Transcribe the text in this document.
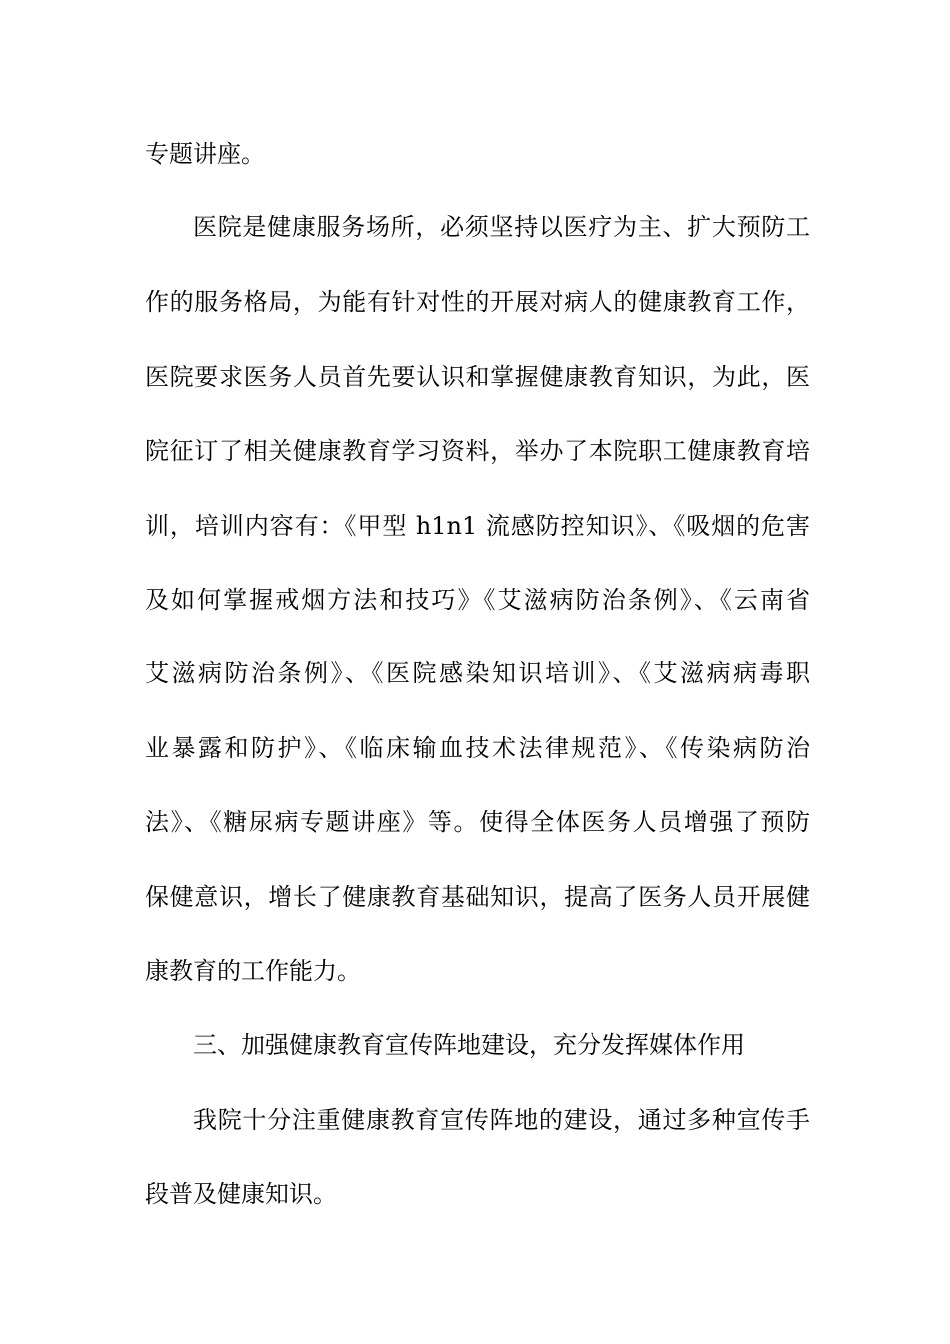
专题讲座。
医院是健康服务场所，必须坚持以医疗为主、扩大预防工
作的服务格局，为能有针对性的开展对病人的健康教育工作，
医院要求医务人员首先要认识和掌握健康教育知识，为此，医
院征订了相关健康教育学习资料，举办了本院职工健康教育培
训，培训内容有：《甲型 h1n1 流感防控知识》、《吸烟的危害
及如何掌握戒烟方法和技巧》《艾滋病防治条例》、《云南省
艾滋病防治条例》、《医院感染知识培训》、《艾滋病病毒职
业暴露和防护》、《临床输血技术法律规范》、《传染病防治
法》、《糖尿病专题讲座》等。使得全体医务人员增强了预防
保健意识，增长了健康教育基础知识，提高了医务人员开展健
康教育的工作能力。
三、加强健康教育宣传阵地建设，充分发挥媒体作用
我院十分注重健康教育宣传阵地的建设，通过多种宣传手
段普及健康知识。
